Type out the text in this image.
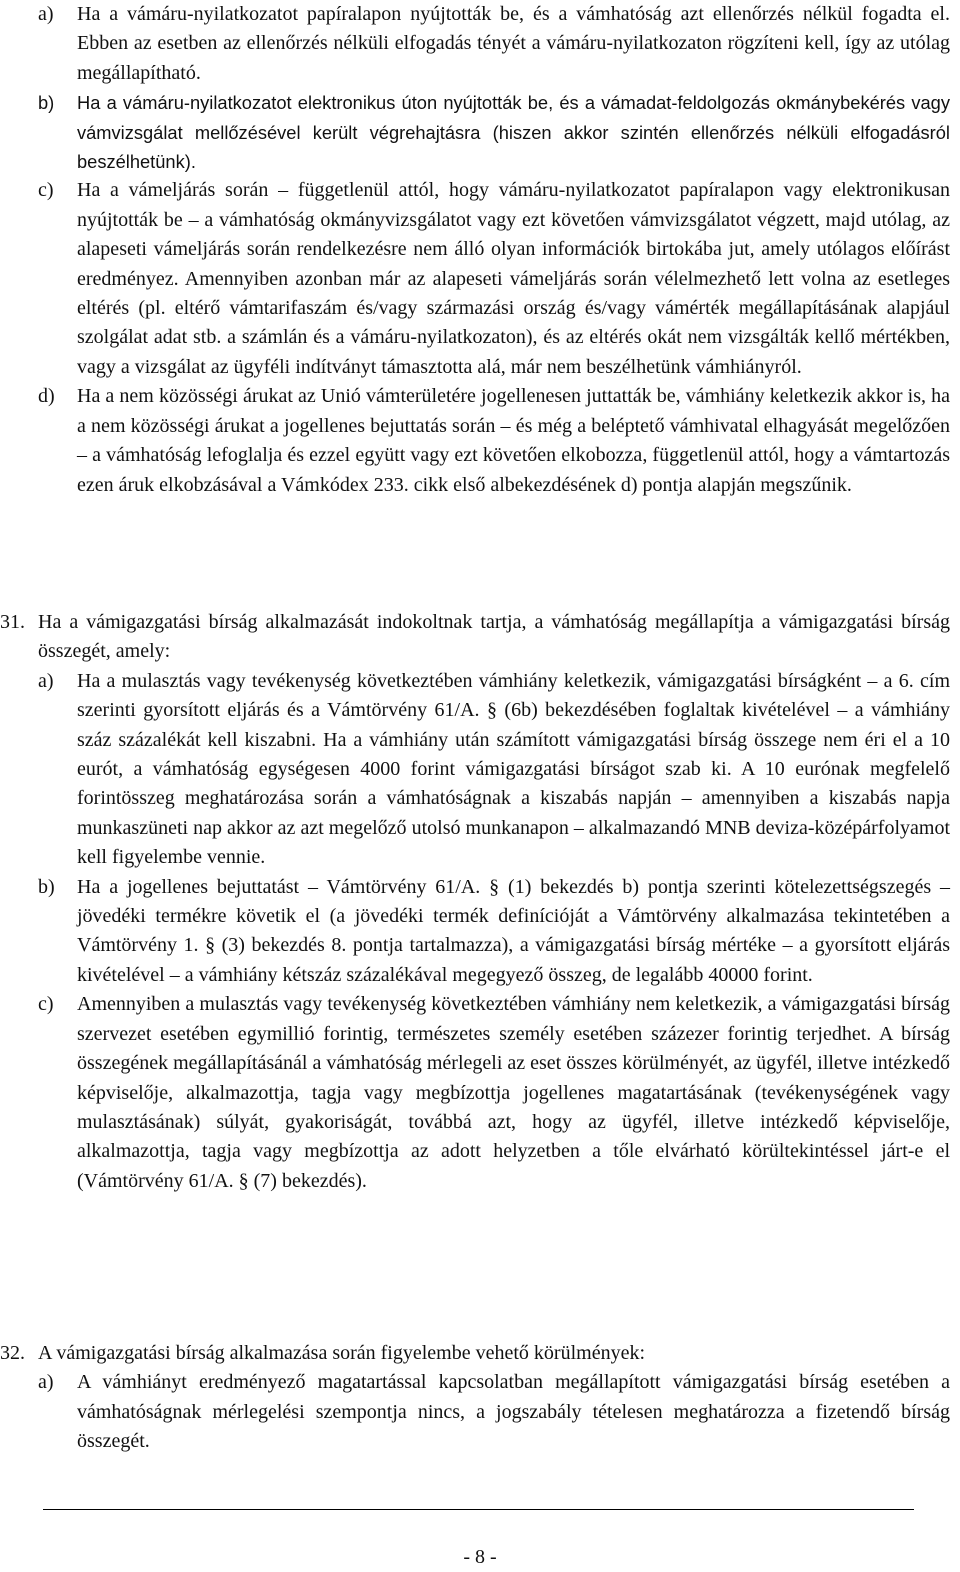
a) Ha a vámáru-nyilatkozatot papíralapon nyújtották be, és a vámhatóság azt ellenőrzés nélkül fogadta el. Ebben az esetben az ellenőrzés nélküli elfogadás tényét a vámáru-nyilatkozaton rögzíteni kell, így az utólag megállapítható.
b) Ha a vámáru-nyilatkozatot elektronikus úton nyújtották be, és a vámadat-feldolgozás okmánybekérés vagy vámvizsgálat mellőzésével került végrehajtásra (hiszen akkor szintén ellenőrzés nélküli elfogadásról beszélhetünk).
c) Ha a vámeljárás során – függetlenül attól, hogy vámáru-nyilatkozatot papíralapon vagy elektronikusan nyújtották be – a vámhatóság okmányvizsgálatot vagy ezt követően vámvizsgálatot végzett, majd utólag, az alapeseti vámeljárás során rendelkezésre nem álló olyan információk birtokába jut, amely utólagos előírást eredményez. Amennyiben azonban már az alapeseti vámeljárás során vélelmezhető lett volna az esetleges eltérés (pl. eltérő vámtarifaszám és/vagy származási ország és/vagy vámérték megállapításának alapjául szolgálat adat stb. a számlán és a vámáru-nyilatkozaton), és az eltérés okát nem vizsgálták kellő mértékben, vagy a vizsgálat az ügyféli indítványt támasztotta alá, már nem beszélhetünk vámhiányról.
d) Ha a nem közösségi árukat az Unió vámterületére jogellenesen juttatták be, vámhiány keletkezik akkor is, ha a nem közösségi árukat a jogellenes bejuttatás során – és még a beléptető vámhivatal elhagyását megelőzően – a vámhatóság lefoglalja és ezzel együtt vagy ezt követően elkobozza, függetlenül attól, hogy a vámtartozás ezen áruk elkobzásával a Vámkódex 233. cikk első albekezdésének d) pontja alapján megszűnik.
31. Ha a vámigazgatási bírság alkalmazását indokoltnak tartja, a vámhatóság megállapítja a vámigazgatási bírság összegét, amely:
a) Ha a mulasztás vagy tevékenység következtében vámhiány keletkezik, vámigazgatási bírságként – a 6. cím szerinti gyorsított eljárás és a Vámtörvény 61/A. § (6b) bekezdésében foglaltak kivételével – a vámhiány száz százalékát kell kiszabni. Ha a vámhiány után számított vámigazgatási bírság összege nem éri el a 10 eurót, a vámhatóság egységesen 4000 forint vámigazgatási bírságot szab ki. A 10 eurónak megfelelő forintösszeg meghatározása során a vámhatóságnak a kiszabás napján – amennyiben a kiszabás napja munkaszüneti nap akkor az azt megelőző utolsó munkanapon – alkalmazandó MNB deviza-középárfolyamot kell figyelembe vennie.
b) Ha a jogellenes bejuttatást – Vámtörvény 61/A. § (1) bekezdés b) pontja szerinti kötelezettségszegés – jövedéki termékre követik el (a jövedéki termék definícióját a Vámtörvény alkalmazása tekintetében a Vámtörvény 1. § (3) bekezdés 8. pontja tartalmazza), a vámigazgatási bírság mértéke – a gyorsított eljárás kivételével – a vámhiány kétszáz százalékával megegyező összeg, de legalább 40000 forint.
c) Amennyiben a mulasztás vagy tevékenység következtében vámhiány nem keletkezik, a vámigazgatási bírság szervezet esetében egymillió forintig, természetes személy esetében százezer forintig terjedhet. A bírság összegének megállapításánál a vámhatóság mérlegeli az eset összes körülményét, az ügyfél, illetve intézkedő képviselője, alkalmazottja, tagja vagy megbízottja jogellenes magatartásának (tevékenységének vagy mulasztásának) súlyát, gyakoriságát, továbbá azt, hogy az ügyfél, illetve intézkedő képviselője, alkalmazottja, tagja vagy megbízottja az adott helyzetben a tőle elvárható körültekintéssel járt-e el (Vámtörvény 61/A. § (7) bekezdés).
32. A vámigazgatási bírság alkalmazása során figyelembe vehető körülmények:
a) A vámhiányt eredményező magatartással kapcsolatban megállapított vámigazgatási bírság esetében a vámhatóságnak mérlegelési szempontja nincs, a jogszabály tételesen meghatározza a fizetendő bírság összegét.
- 8 -
